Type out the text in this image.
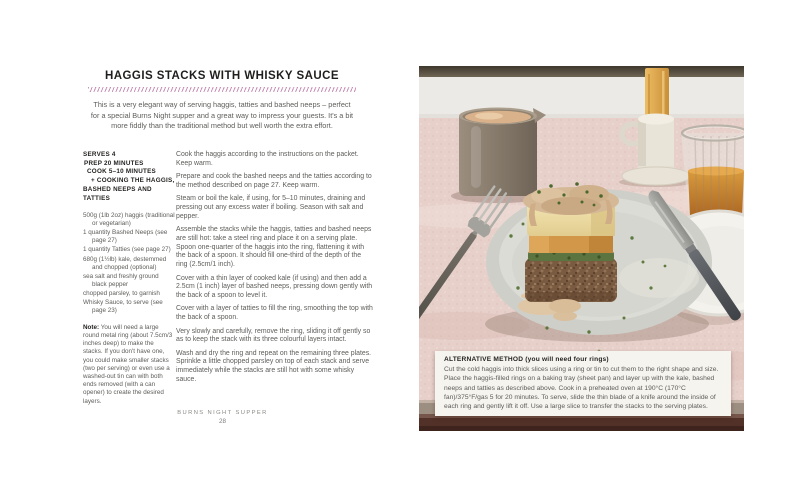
HAGGIS STACKS WITH WHISKY SAUCE

This is a very elegant way of serving haggis, tatties and bashed neeps – perfect for a special Burns Night supper and a great way to impress your guests. It's a bit more fiddly than the traditional method but well worth the extra effort.

SERVES 4
PREP 20 MINUTES
COOK 5–10 MINUTES
+ COOKING THE HAGGIS, BASHED NEEPS AND TATTIES
500g (1lb 2oz) haggis (traditional or vegetarian)
1 quantity Bashed Neeps (see page 27)
1 quantity Tatties (see page 27)
680g (1½lb) kale, destemmed and chopped (optional)
sea salt and freshly ground black pepper
chopped parsley, to garnish
Whisky Sauce, to serve (see page 23)

Note: You will need a large round metal ring (about 7.5cm/3 inches deep) to make the stacks. If you don't have one, you could make smaller stacks (two per serving) or even use a washed-out tin can with both ends removed (with a can opener) to create the desired layers.

Cook the haggis according to the instructions on the packet. Keep warm.

Prepare and cook the bashed neeps and the tatties according to the method described on page 27. Keep warm.

Steam or boil the kale, if using, for 5–10 minutes, draining and pressing out any excess water if boiling. Season with salt and pepper.

Assemble the stacks while the haggis, tatties and bashed neeps are still hot: take a steel ring and place it on a serving plate. Spoon one-quarter of the haggis into the ring, flattening it with the back of a spoon. It should fill one-third of the depth of the ring (2.5cm/1 inch).

Cover with a thin layer of cooked kale (if using) and then add a 2.5cm (1 inch) layer of bashed neeps, pressing down gently with the back of a spoon to level it.

Cover with a layer of tatties to fill the ring, smoothing the top with the back of a spoon.

Very slowly and carefully, remove the ring, sliding it off gently so as to keep the stack with its three colourful layers intact.

Wash and dry the ring and repeat on the remaining three plates. Sprinkle a little chopped parsley on top of each stack and serve immediately while the stacks are still hot with some whisky sauce.

BURNS NIGHT SUPPER
28

ALTERNATIVE METHOD (you will need four rings)

Cut the cold haggis into thick slices using a ring or tin to cut them to the right shape and size. Place the haggis-filled rings on a baking tray (sheet pan) and layer up with the kale, bashed neeps and tatties as described above. Cook in a preheated oven at 190°C (170°C fan)/375°F/gas 5 for 20 minutes. To serve, slide the thin blade of a knife around the inside of each ring and gently lift it off. Use a large slice to transfer the stacks to the serving plates.
